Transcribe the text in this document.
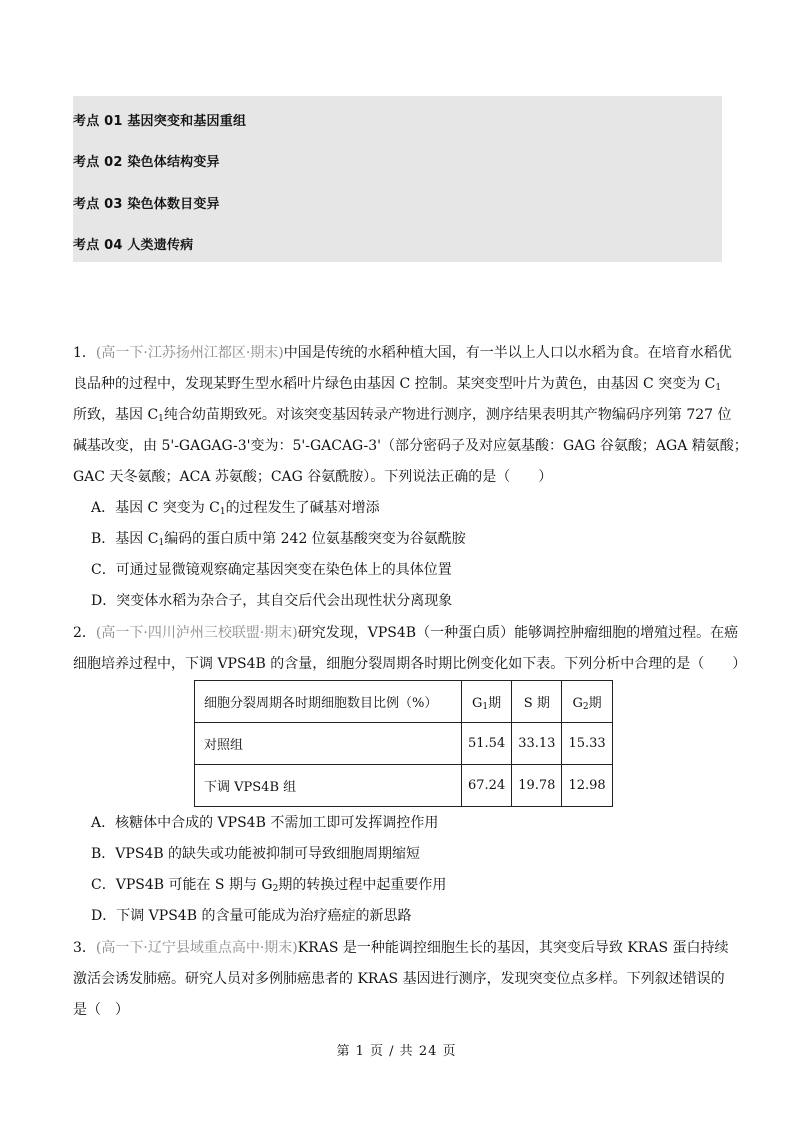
考点 01 基因突变和基因重组
考点 02 染色体结构变异
考点 03 染色体数目变异
考点 04 人类遗传病
1．(高一下·江苏扬州江都区·期末)中国是传统的水稻种植大国，有一半以上人口以水稻为食。在培育水稻优
良品种的过程中，发现某野生型水稻叶片绿色由基因 C 控制。某突变型叶片为黄色，由基因 C 突变为 $C_1$
所致，基因 $C_1$纯合幼苗期致死。对该突变基因转录产物进行测序，测序结果表明其产物编码序列第 727 位
碱基改变，由 5'-GAGAG-3'变为：5'-GACAG-3'（部分密码子及对应氨基酸：GAG 谷氨酸；AGA 精氨酸；
GAC 天冬氨酸；ACA 苏氨酸；CAG 谷氨酰胺）。下列说法正确的是（　　）
A．基因 C 突变为 $C_1$的过程发生了碱基对增添
B．基因 $C_1$编码的蛋白质中第 242 位氨基酸突变为谷氨酰胺
C．可通过显微镜观察确定基因突变在染色体上的具体位置
D．突变体水稻为杂合子，其自交后代会出现性状分离现象
2．(高一下·四川泸州三校联盟·期末)研究发现，VPS4B（一种蛋白质）能够调控肿瘤细胞的增殖过程。在癌
细胞培养过程中，下调 VPS4B 的含量，细胞分裂周期各时期比例变化如下表。下列分析中合理的是（　　）
细胞分裂周期各时期细胞数目比例（%）	$G_1$期	S 期	$G_2$期
对照组	51.54	33.13	15.33
下调 VPS4B 组	67.24	19.78	12.98
A．核糖体中合成的 VPS4B 不需加工即可发挥调控作用
B．VPS4B 的缺失或功能被抑制可导致细胞周期缩短
C．VPS4B 可能在 S 期与 $G_2$期的转换过程中起重要作用
D．下调 VPS4B 的含量可能成为治疗癌症的新思路
3．(高一下·辽宁县域重点高中·期末)KRAS 是一种能调控细胞生长的基因，其突变后导致 KRAS 蛋白持续
激活会诱发肺癌。研究人员对多例肺癌患者的 KRAS 基因进行测序，发现突变位点多样。下列叙述错误的
是（　）
第 1 页 / 共 24 页
